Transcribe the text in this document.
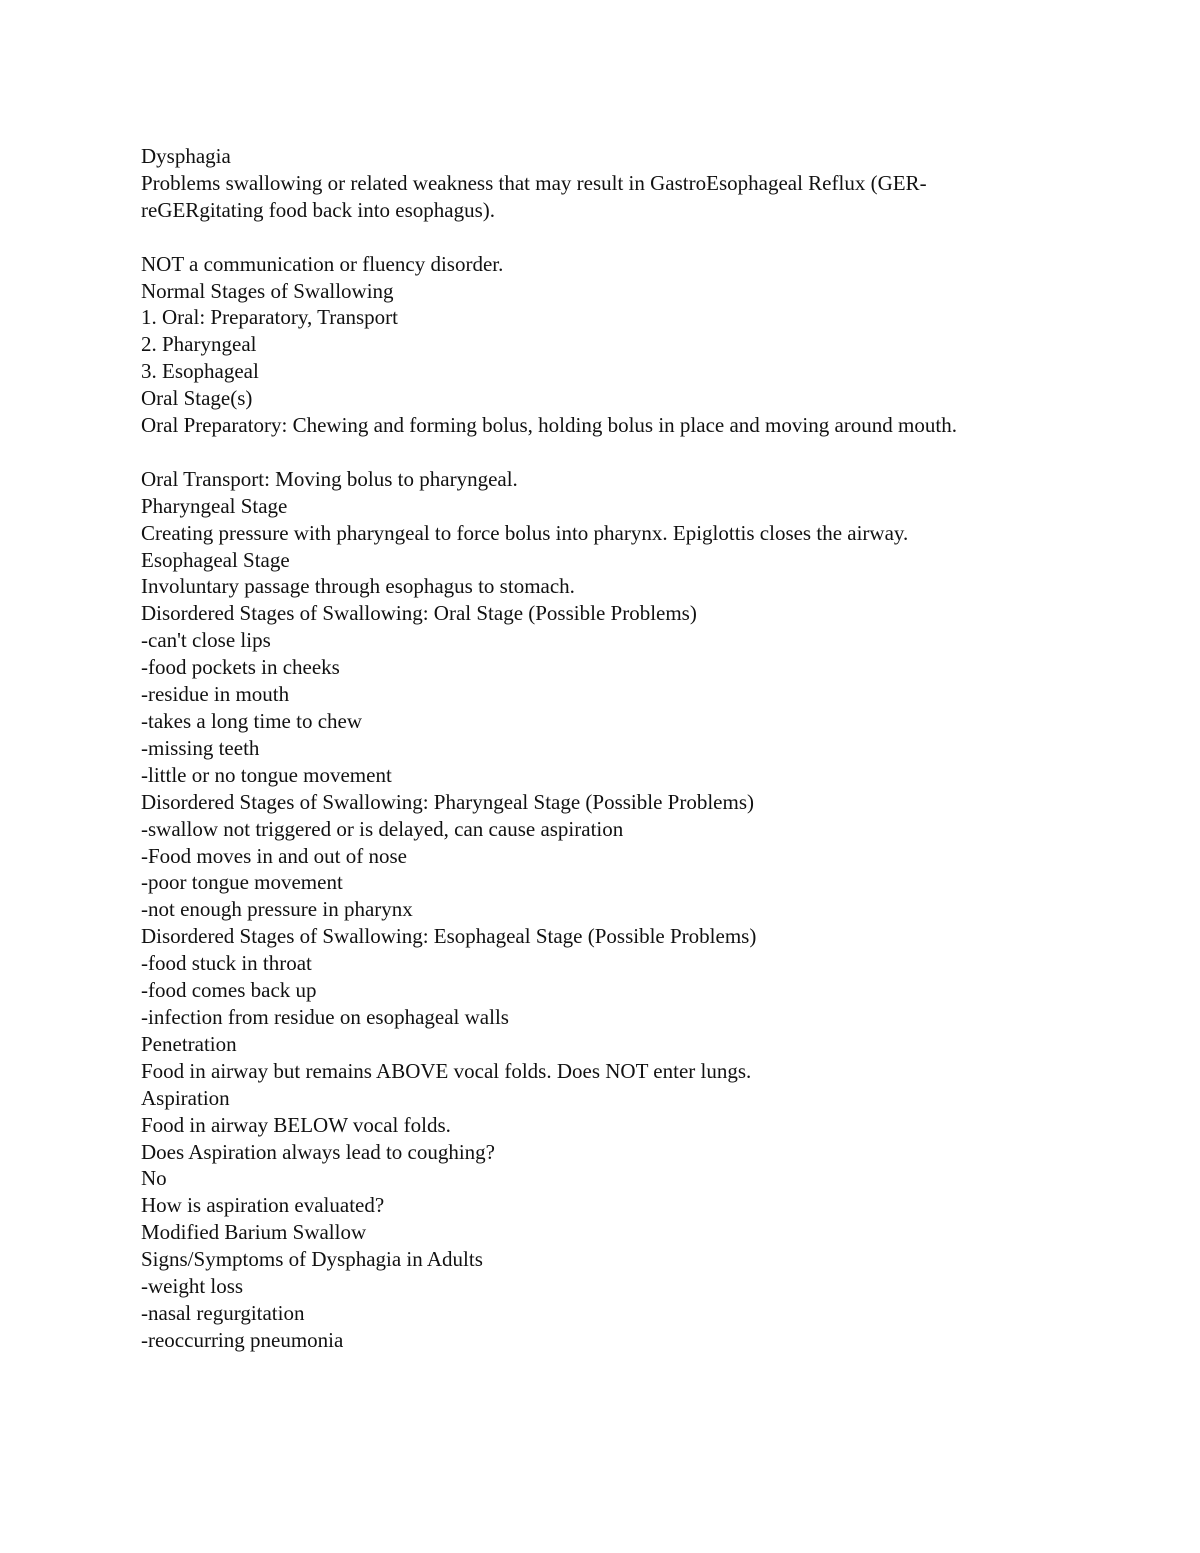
Dysphagia
Problems swallowing or related weakness that may result in GastroEsophageal Reflux (GER-
reGERgitating food back into esophagus).
NOT a communication or fluency disorder.
Normal Stages of Swallowing
1. Oral: Preparatory, Transport
2. Pharyngeal
3. Esophageal
Oral Stage(s)
Oral Preparatory: Chewing and forming bolus, holding bolus in place and moving around mouth.
Oral Transport: Moving bolus to pharyngeal.
Pharyngeal Stage
Creating pressure with pharyngeal to force bolus into pharynx. Epiglottis closes the airway.
Esophageal Stage
Involuntary passage through esophagus to stomach.
Disordered Stages of Swallowing: Oral Stage (Possible Problems)
-can't close lips
-food pockets in cheeks
-residue in mouth
-takes a long time to chew
-missing teeth
-little or no tongue movement
Disordered Stages of Swallowing: Pharyngeal Stage (Possible Problems)
-swallow not triggered or is delayed, can cause aspiration
-Food moves in and out of nose
-poor tongue movement
-not enough pressure in pharynx
Disordered Stages of Swallowing: Esophageal Stage (Possible Problems)
-food stuck in throat
-food comes back up
-infection from residue on esophageal walls
Penetration
Food in airway but remains ABOVE vocal folds. Does NOT enter lungs.
Aspiration
Food in airway BELOW vocal folds.
Does Aspiration always lead to coughing?
No
How is aspiration evaluated?
Modified Barium Swallow
Signs/Symptoms of Dysphagia in Adults
-weight loss
-nasal regurgitation
-reoccurring pneumonia
